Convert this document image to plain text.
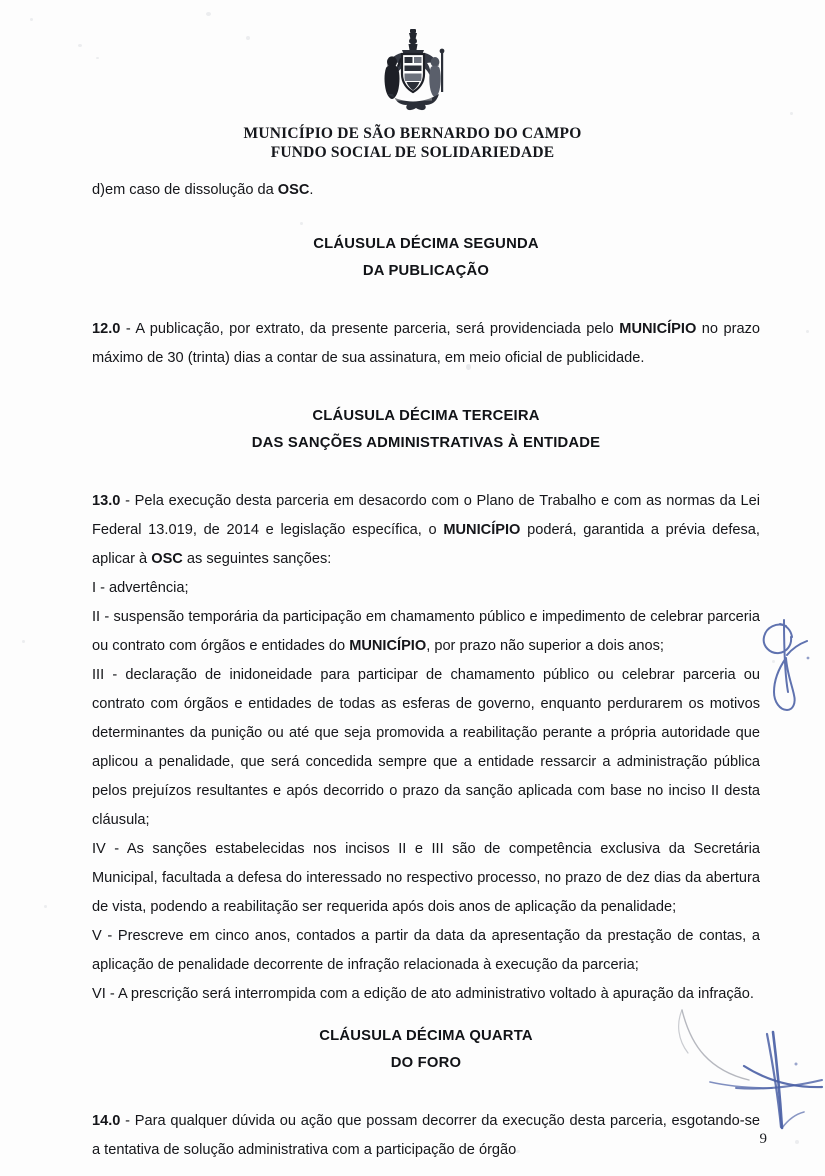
MUNICÍPIO DE SÃO BERNARDO DO CAMPO
FUNDO SOCIAL DE SOLIDARIEDADE

d)em caso de dissolução da OSC.

CLÁUSULA DÉCIMA SEGUNDA

DA PUBLICAÇÃO

12.0 - A publicação, por extrato, da presente parceria, será providenciada pelo MUNICÍPIO no prazo máximo de 30 (trinta) dias a contar de sua assinatura, em meio oficial de publicidade.

CLÁUSULA DÉCIMA TERCEIRA

DAS SANÇÕES ADMINISTRATIVAS À ENTIDADE

13.0 - Pela execução desta parceria em desacordo com o Plano de Trabalho e com as normas da Lei Federal 13.019, de 2014 e legislação específica, o MUNICÍPIO poderá, garantida a prévia defesa, aplicar à OSC as seguintes sanções:

I - advertência;

II - suspensão temporária da participação em chamamento público e impedimento de celebrar parceria ou contrato com órgãos e entidades do MUNICÍPIO, por prazo não superior a dois anos;

III - declaração de inidoneidade para participar de chamamento público ou celebrar parceria ou contrato com órgãos e entidades de todas as esferas de governo, enquanto perdurarem os motivos determinantes da punição ou até que seja promovida a reabilitação perante a própria autoridade que aplicou a penalidade, que será concedida sempre que a entidade ressarcir a administração pública pelos prejuízos resultantes e após decorrido o prazo da sanção aplicada com base no inciso II desta cláusula;

IV - As sanções estabelecidas nos incisos II e III são de competência exclusiva da Secretária Municipal, facultada a defesa do interessado no respectivo processo, no prazo de dez dias da abertura de vista, podendo a reabilitação ser requerida após dois anos de aplicação da penalidade;

V - Prescreve em cinco anos, contados a partir da data da apresentação da prestação de contas, a aplicação de penalidade decorrente de infração relacionada à execução da parceria;

VI - A prescrição será interrompida com a edição de ato administrativo voltado à apuração da infração.

CLÁUSULA DÉCIMA QUARTA

DO FORO

14.0 - Para qualquer dúvida ou ação que possam decorrer da execução desta parceria, esgotando-se a tentativa de solução administrativa com a participação de órgão

9
